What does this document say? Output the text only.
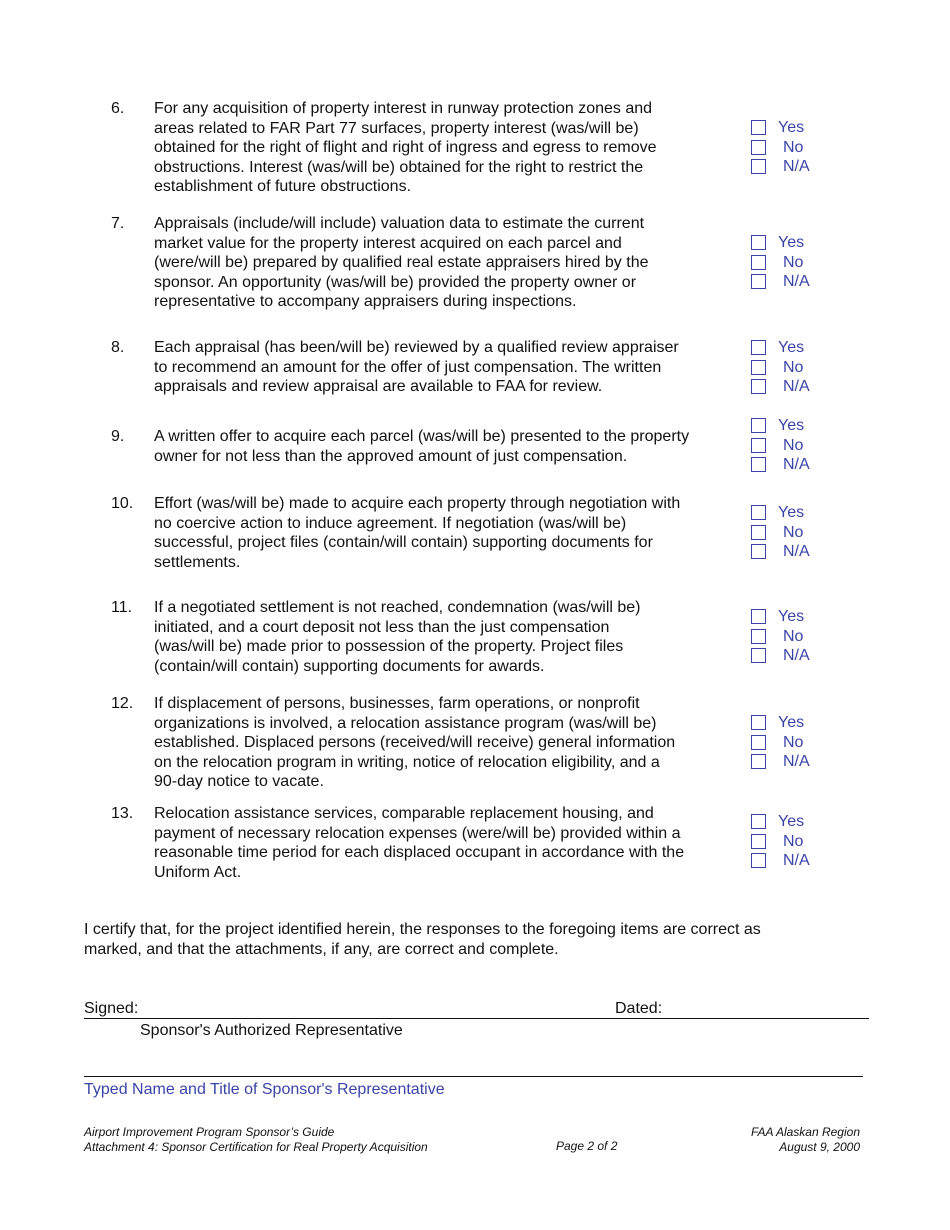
6. For any acquisition of property interest in runway protection zones and
areas related to FAR Part 77 surfaces, property interest (was/will be)
obtained for the right of flight and right of ingress and egress to remove
obstructions. Interest (was/will be) obtained for the right to restrict the
establishment of future obstructions.
Yes
No
N/A
7. Appraisals (include/will include) valuation data to estimate the current
market value for the property interest acquired on each parcel and
(were/will be) prepared by qualified real estate appraisers hired by the
sponsor. An opportunity (was/will be) provided the property owner or
representative to accompany appraisers during inspections.
Yes
No
N/A
8. Each appraisal (has been/will be) reviewed by a qualified review appraiser
to recommend an amount for the offer of just compensation. The written
appraisals and review appraisal are available to FAA for review.
Yes
No
N/A
9. A written offer to acquire each parcel (was/will be) presented to the property
owner for not less than the approved amount of just compensation.
Yes
No
N/A
10. Effort (was/will be) made to acquire each property through negotiation with
no coercive action to induce agreement. If negotiation (was/will be)
successful, project files (contain/will contain) supporting documents for
settlements.
Yes
No
N/A
11. If a negotiated settlement is not reached, condemnation (was/will be)
initiated, and a court deposit not less than the just compensation
(was/will be) made prior to possession of the property. Project files
(contain/will contain) supporting documents for awards.
Yes
No
N/A
12. If displacement of persons, businesses, farm operations, or nonprofit
organizations is involved, a relocation assistance program (was/will be)
established. Displaced persons (received/will receive) general information
on the relocation program in writing, notice of relocation eligibility, and a
90-day notice to vacate.
Yes
No
N/A
13. Relocation assistance services, comparable replacement housing, and
payment of necessary relocation expenses (were/will be) provided within a
reasonable time period for each displaced occupant in accordance with the
Uniform Act.
Yes
No
N/A
I certify that, for the project identified herein, the responses to the foregoing items are correct as
marked, and that the attachments, if any, are correct and complete.
Signed:	Dated:
Sponsor's Authorized Representative
Typed Name and Title of Sponsor's Representative
Airport Improvement Program Sponsor’s Guide
Attachment 4: Sponsor Certification for Real Property Acquisition	Page 2 of 2
FAA Alaskan Region
August 9, 2000
